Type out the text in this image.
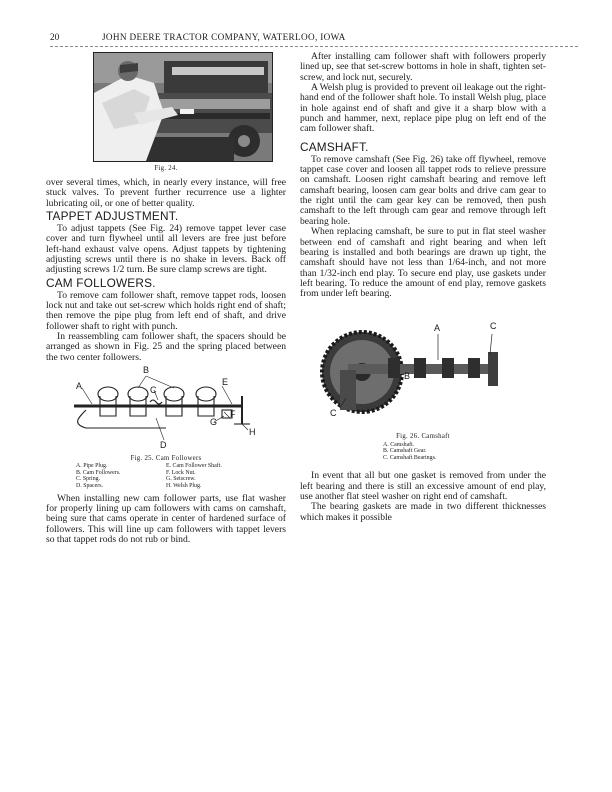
20	JOHN DEERE TRACTOR COMPANY, WATERLOO, IOWA
Fig. 24.

over several times, which, in nearly every instance, will free stuck valves. To prevent further recurrence use a lighter lubricating oil, or one of better quality.

TAPPET ADJUSTMENT.

To adjust tappets (See Fig. 24) remove tappet lever case cover and turn flywheel until all levers are free just before left-hand exhaust valve opens. Adjust tappets by tightening adjusting screws until there is no shake in levers. Back off adjusting screws 1/2 turn. Be sure clamp screws are tight.

CAM FOLLOWERS.

To remove cam follower shaft, remove tappet rods, loosen lock nut and take out set-screw which holds right end of shaft; then remove the pipe plug from left end of shaft, and drive follower shaft to right with punch.

In reassembling cam follower shaft, the spacers should be arranged as shown in Fig. 25 and the spring placed between the two center followers.

A
B
C
E
F
G
H
D
Fig. 25. Cam Followers
A. Pipe Plug.	E. Cam Follower Shaft.
B. Cam Followers.	F. Lock Nut.
C. Spring.	G. Setscrew.
D. Spacers.	H. Welsh Plug.

When installing new cam follower parts, use flat washer for properly lining up cam followers with cams on camshaft, being sure that cams operate in center of hardened surface of followers. This will line up cam followers with tappet levers so that tappet rods do not rub or bind.

After installing cam follower shaft with followers properly lined up, see that set-screw bottoms in hole in shaft, tighten set-screw, and lock nut, securely.

A Welsh plug is provided to prevent oil leakage out the right-hand end of the follower shaft hole. To install Welsh plug, place in hole against end of shaft and give it a sharp blow with a punch and hammer, next, replace pipe plug on left end of the cam follower shaft.

CAMSHAFT.

To remove camshaft (See Fig. 26) take off flywheel, remove tappet case cover and loosen all tappet rods to relieve pressure on camshaft. Loosen right camshaft bearing and remove left camshaft bearing, loosen cam gear bolts and drive cam gear to the right until the cam gear key can be removed, then push camshaft to the left through cam gear and remove through left bearing hole.

When replacing camshaft, be sure to put in flat steel washer between end of camshaft and right bearing and when left bearing is installed and both bearings are drawn up tight, the camshaft should have not less than 1/64-inch, and not more than 1/32-inch end play. To secure end play, use gaskets under left bearing. To reduce the amount of end play, remove gaskets from under left bearing.

A	C
B
C
Fig. 26. Camshaft
A. Camshaft.
B. Camshaft Gear.
C. Camshaft Bearings.

In event that all but one gasket is removed from under the left bearing and there is still an excessive amount of end play, use another flat steel washer on right end of camshaft.

The bearing gaskets are made in two different thicknesses which makes it possible
